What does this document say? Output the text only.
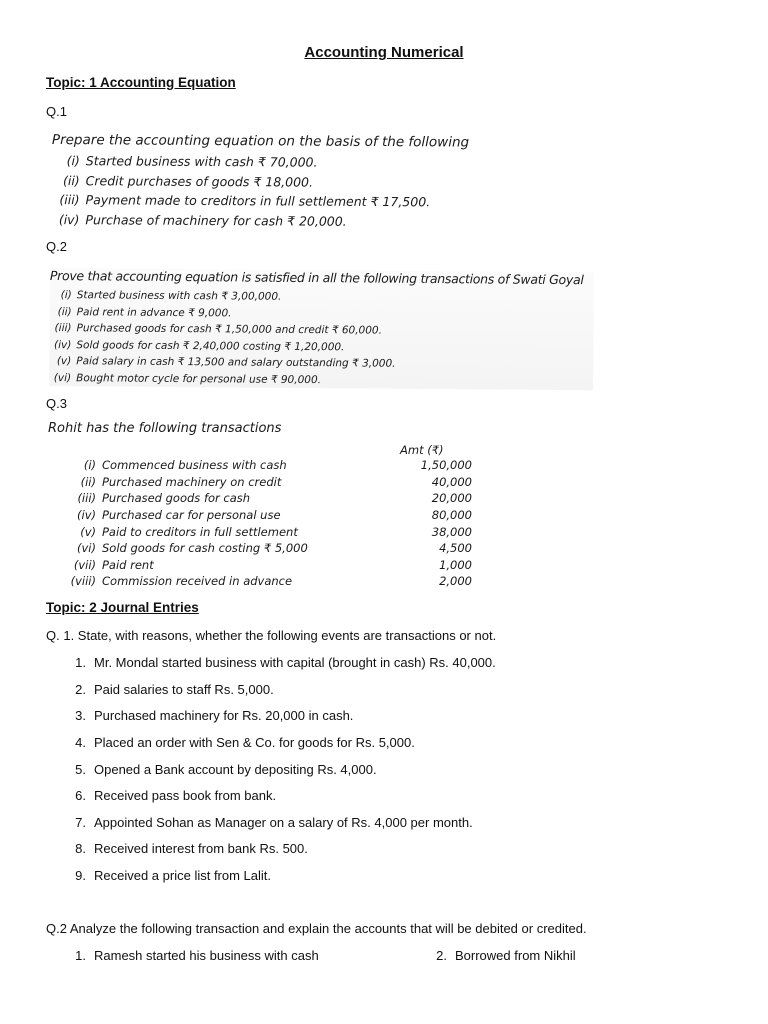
Accounting Numerical
Topic: 1 Accounting Equation
Q.1
Prepare the accounting equation on the basis of the following
(i) Started business with cash ₹ 70,000.
(ii) Credit purchases of goods ₹ 18,000.
(iii) Payment made to creditors in full settlement ₹ 17,500.
(iv) Purchase of machinery for cash ₹ 20,000.
Q.2
Prove that accounting equation is satisfied in all the following transactions of Swati Goyal
(i) Started business with cash ₹ 3,00,000.
(ii) Paid rent in advance ₹ 9,000.
(iii) Purchased goods for cash ₹ 1,50,000 and credit ₹ 60,000.
(iv) Sold goods for cash ₹ 2,40,000 costing ₹ 1,20,000.
(v) Paid salary in cash ₹ 13,500 and salary outstanding ₹ 3,000.
(vi) Bought motor cycle for personal use ₹ 90,000.
Q.3
Rohit has the following transactions
Amt (₹)
(i) Commenced business with cash	1,50,000
(ii) Purchased machinery on credit	40,000
(iii) Purchased goods for cash	20,000
(iv) Purchased car for personal use	80,000
(v) Paid to creditors in full settlement	38,000
(vi) Sold goods for cash costing ₹ 5,000	4,500
(vii) Paid rent	1,000
(viii) Commission received in advance	2,000
Topic: 2 Journal Entries
Q. 1. State, with reasons, whether the following events are transactions or not.
1. Mr. Mondal started business with capital (brought in cash) Rs. 40,000.
2. Paid salaries to staff Rs. 5,000.
3. Purchased machinery for Rs. 20,000 in cash.
4. Placed an order with Sen & Co. for goods for Rs. 5,000.
5. Opened a Bank account by depositing Rs. 4,000.
6. Received pass book from bank.
7. Appointed Sohan as Manager on a salary of Rs. 4,000 per month.
8. Received interest from bank Rs. 500.
9. Received a price list from Lalit.
Q.2 Analyze the following transaction and explain the accounts that will be debited or credited.
1. Ramesh started his business with cash	2. Borrowed from Nikhil
